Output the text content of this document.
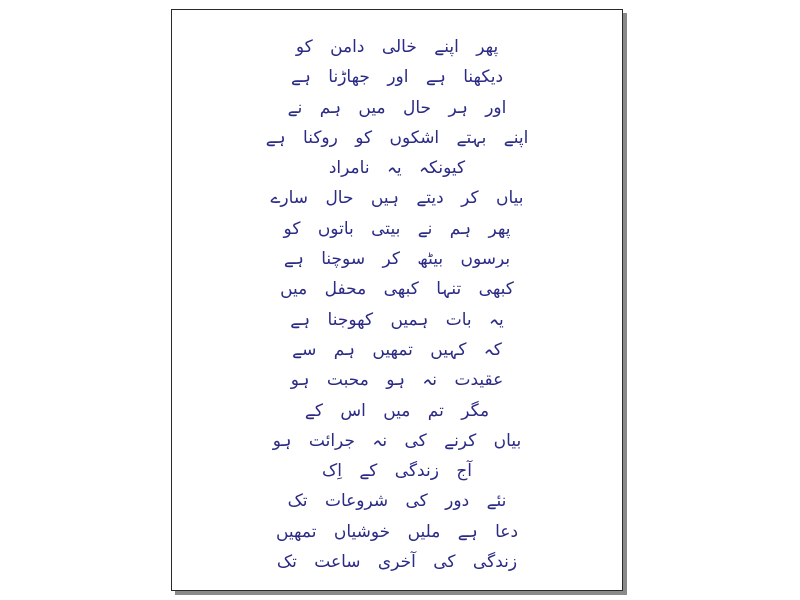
پھر اپنے خالی دامن کو
دیکھنا ہے اور جھاڑنا ہے
اور ہر حال میں ہم نے
اپنے بہتے اشکوں کو روکنا ہے
کیونکہ یہ نامراد
بیاں کر دیتے ہیں حال سارے
پھر ہم نے بیتی باتوں کو
برسوں بیٹھ کر سوچنا ہے
کبھی تنہا کبھی محفل میں
یہ بات ہمیں کھوجنا ہے
کہ کہیں تمھیں ہم سے
عقیدت نہ ہو محبت ہو
مگر تم میں اس کے
بیاں کرنے کی نہ جرائت ہو
آج زندگی کے اِک
نئے دور کی شروعات تک
دعا ہے ملیں خوشیاں تمھیں
زندگی کی آخری ساعت تک
